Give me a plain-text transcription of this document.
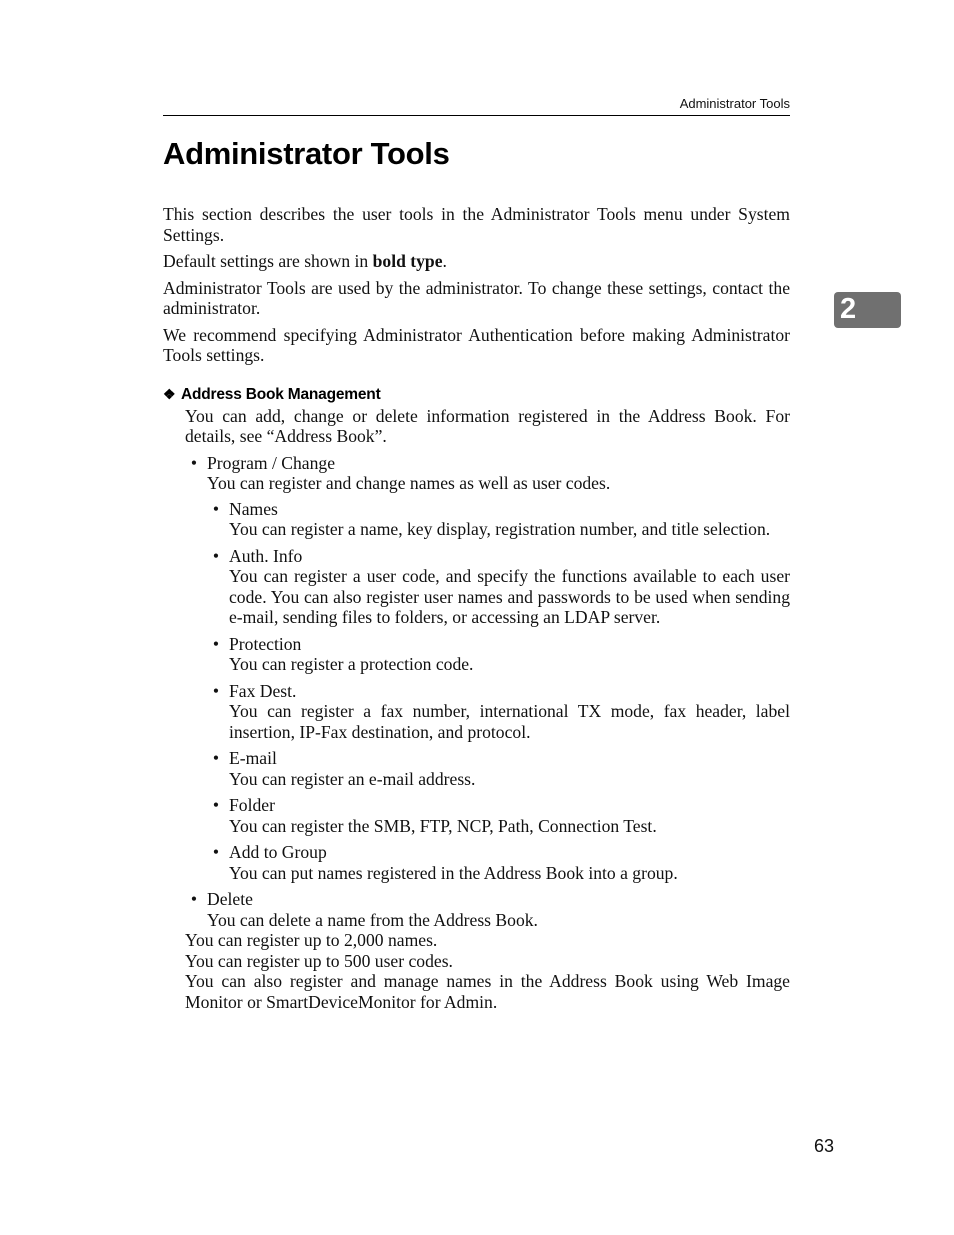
Administrator Tools
Administrator Tools
2

This section describes the user tools in the Administrator Tools menu under System Settings.

Default settings are shown in bold type.

Administrator Tools are used by the administrator. To change these settings, contact the administrator.

We recommend specifying Administrator Authentication before making Administrator Tools settings.

❖ Address Book Management

You can add, change or delete information registered in the Address Book. For details, see “Address Book”.

• Program / Change
You can register and change names as well as user codes.
• Names
You can register a name, key display, registration number, and title selection.
• Auth. Info
You can register a user code, and specify the functions available to each user code. You can also register user names and passwords to be used when sending e-mail, sending files to folders, or accessing an LDAP server.
• Protection
You can register a protection code.
• Fax Dest.
You can register a fax number, international TX mode, fax header, label insertion, IP-Fax destination, and protocol.
• E-mail
You can register an e-mail address.
• Folder
You can register the SMB, FTP, NCP, Path, Connection Test.
• Add to Group
You can put names registered in the Address Book into a group.
• Delete
You can delete a name from the Address Book.

You can register up to 2,000 names.

You can register up to 500 user codes.

You can also register and manage names in the Address Book using Web Image Monitor or SmartDeviceMonitor for Admin.

63
